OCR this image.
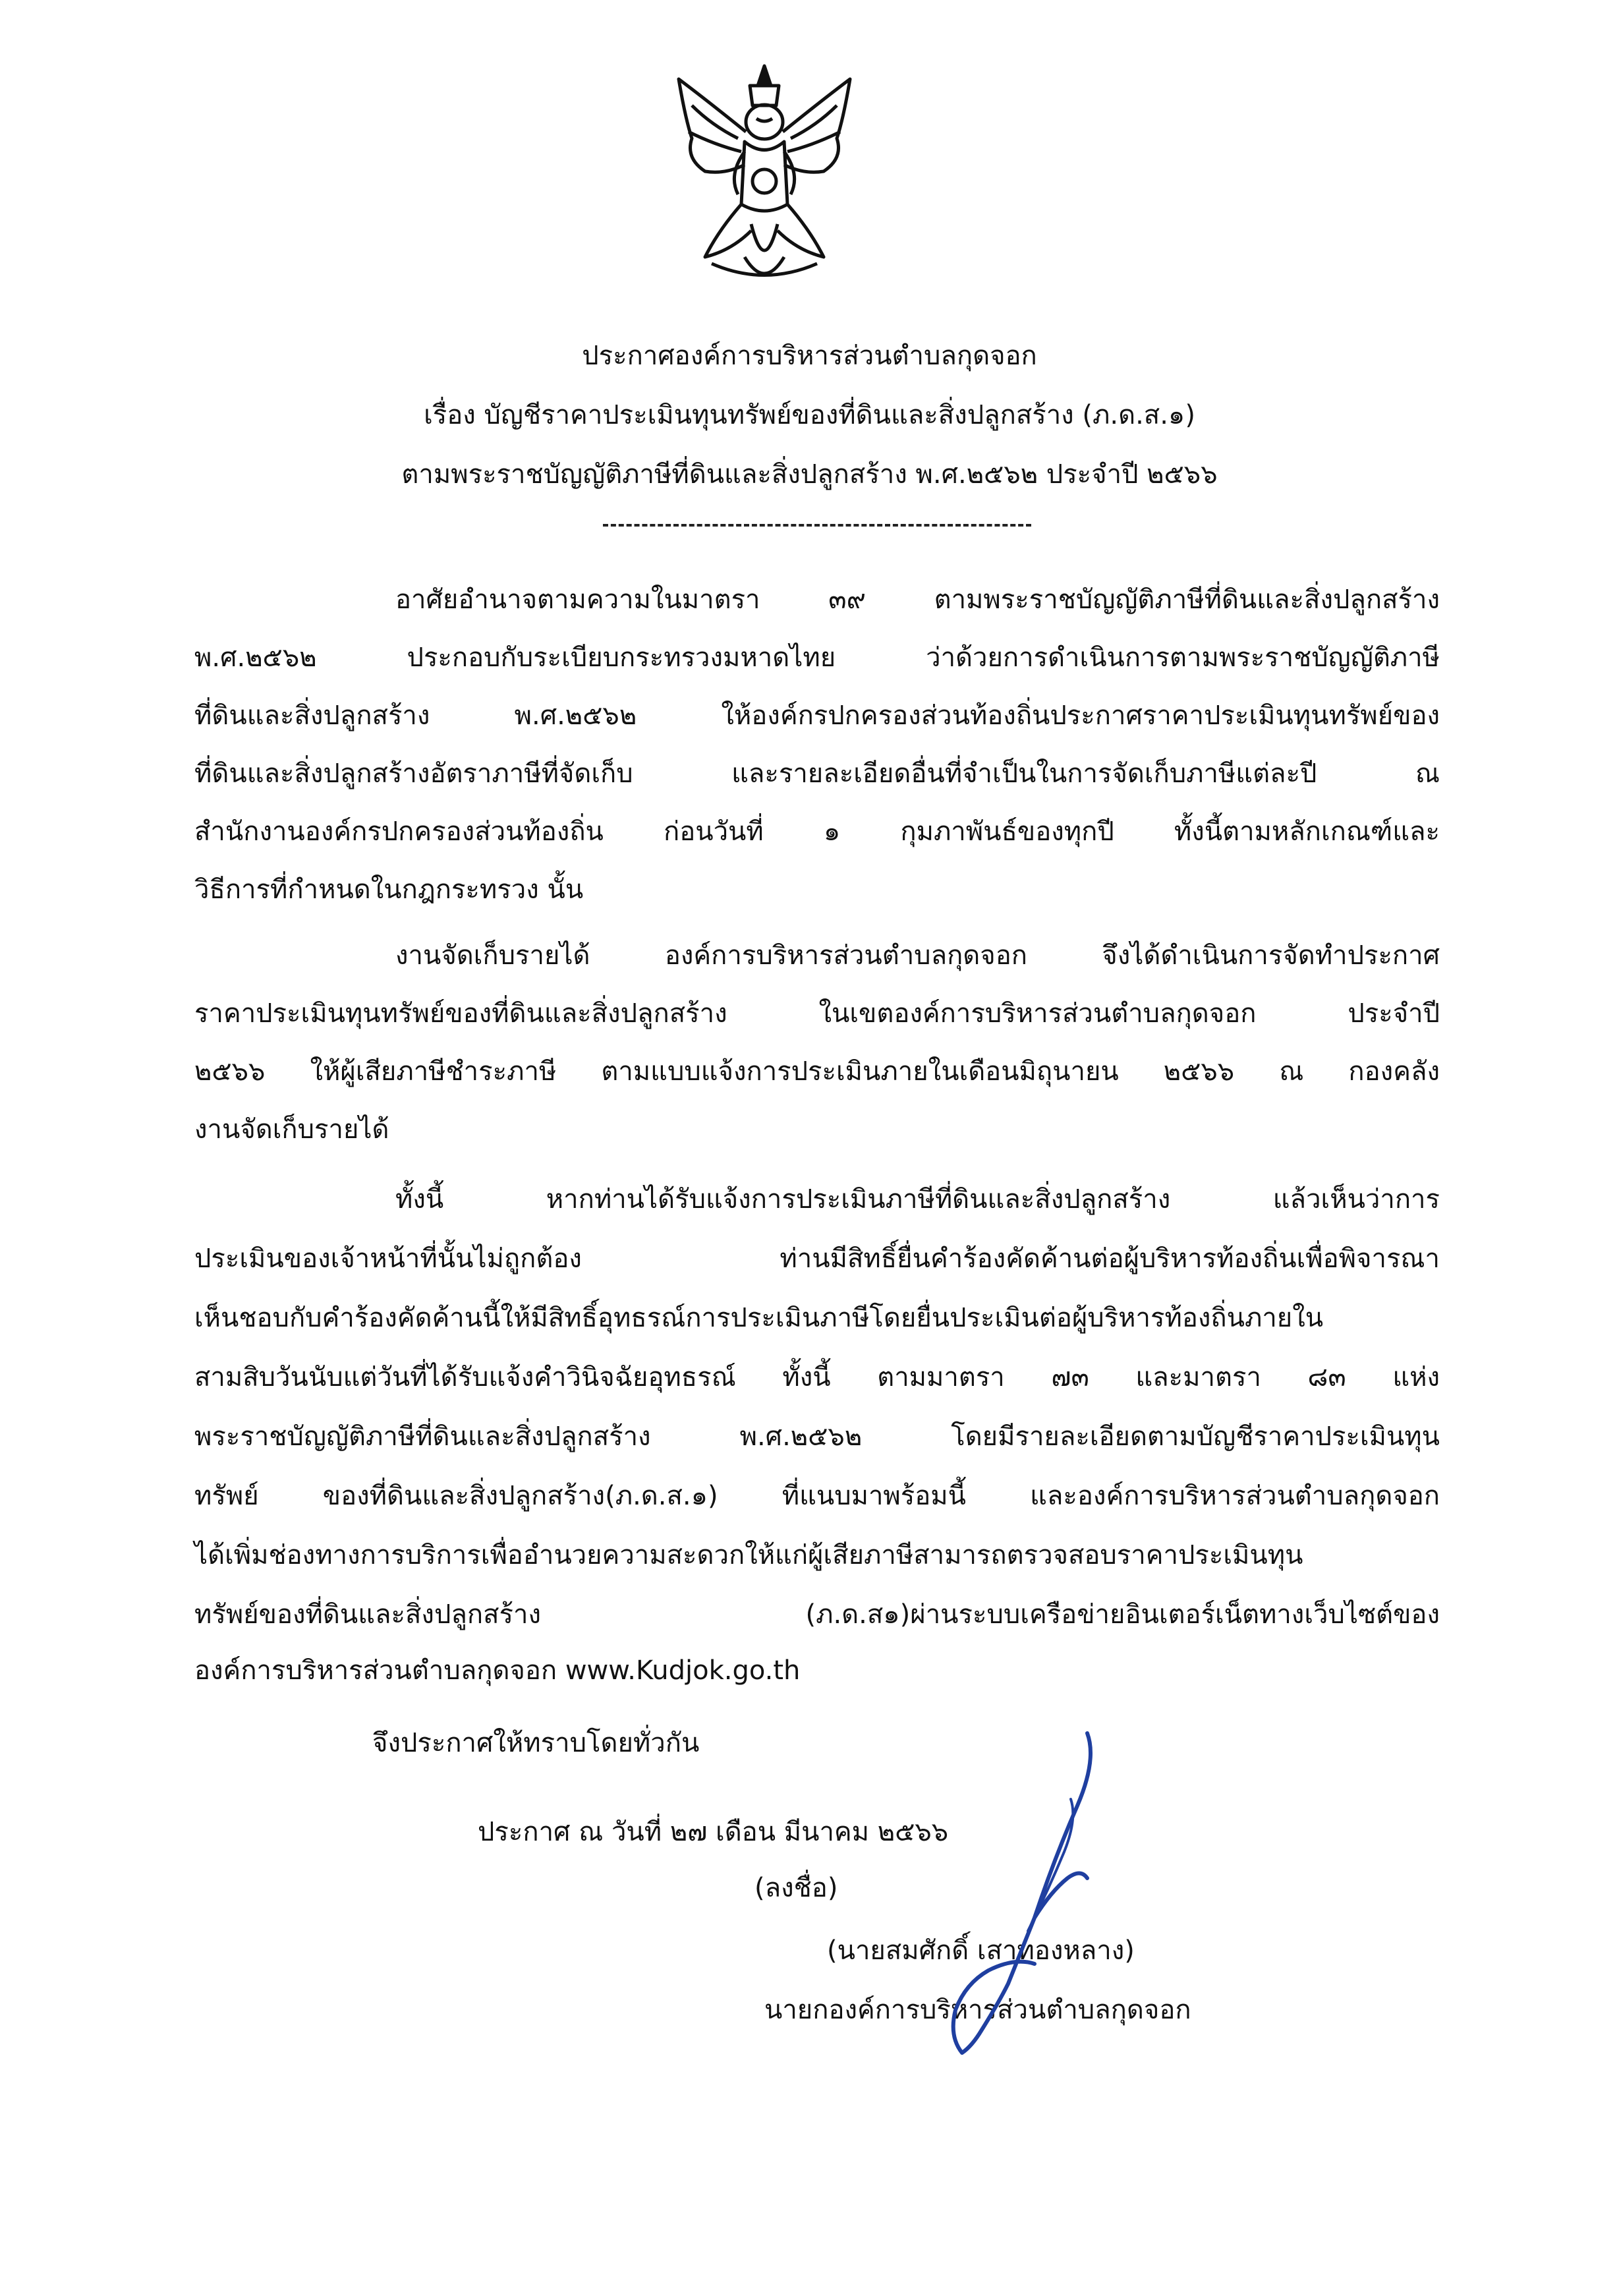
ประกาศองค์การบริหารส่วนตำบลกุดจอก
เรื่อง บัญชีราคาประเมินทุนทรัพย์ของที่ดินและสิ่งปลูกสร้าง (ภ.ด.ส.๑)
ตามพระราชบัญญัติภาษีที่ดินและสิ่งปลูกสร้าง พ.ศ.๒๕๖๒ ประจำปี ๒๕๖๖
อาศัยอำนาจตามความในมาตรา ๓๙ ตามพระราชบัญญัติภาษีที่ดินและสิ่งปลูกสร้าง
พ.ศ.๒๕๖๒ ประกอบกับระเบียบกระทรวงมหาดไทย ว่าด้วยการดำเนินการตามพระราชบัญญัติภาษี
ที่ดินและสิ่งปลูกสร้าง พ.ศ.๒๕๖๒ ให้องค์กรปกครองส่วนท้องถิ่นประกาศราคาประเมินทุนทรัพย์ของ
ที่ดินและสิ่งปลูกสร้างอัตราภาษีที่จัดเก็บ และรายละเอียดอื่นที่จำเป็นในการจัดเก็บภาษีแต่ละปี ณ
สำนักงานองค์กรปกครองส่วนท้องถิ่น ก่อนวันที่ ๑ กุมภาพันธ์ของทุกปี ทั้งนี้ตามหลักเกณฑ์และ
วิธีการที่กำหนดในกฎกระทรวง นั้น
งานจัดเก็บรายได้ องค์การบริหารส่วนตำบลกุดจอก จึงได้ดำเนินการจัดทำประกาศ
ราคาประเมินทุนทรัพย์ของที่ดินและสิ่งปลูกสร้าง ในเขตองค์การบริหารส่วนตำบลกุดจอก ประจำปี
๒๕๖๖ ให้ผู้เสียภาษีชำระภาษี ตามแบบแจ้งการประเมินภายในเดือนมิถุนายน ๒๕๖๖ ณ กองคลัง
งานจัดเก็บรายได้
ทั้งนี้ หากท่านได้รับแจ้งการประเมินภาษีที่ดินและสิ่งปลูกสร้าง แล้วเห็นว่าการ
ประเมินของเจ้าหน้าที่นั้นไม่ถูกต้อง ท่านมีสิทธิ์ยื่นคำร้องคัดค้านต่อผู้บริหารท้องถิ่นเพื่อพิจารณา
เห็นชอบกับคำร้องคัดค้านนี้ให้มีสิทธิ์อุทธรณ์การประเมินภาษีโดยยื่นประเมินต่อผู้บริหารท้องถิ่นภายใน
สามสิบวันนับแต่วันที่ได้รับแจ้งคำวินิจฉัยอุทธรณ์ ทั้งนี้ ตามมาตรา ๗๓ และมาตรา ๘๓ แห่ง
พระราชบัญญัติภาษีที่ดินและสิ่งปลูกสร้าง พ.ศ.๒๕๖๒ โดยมีรายละเอียดตามบัญชีราคาประเมินทุน
ทรัพย์ ของที่ดินและสิ่งปลูกสร้าง(ภ.ด.ส.๑) ที่แนบมาพร้อมนี้ และองค์การบริหารส่วนตำบลกุดจอก
ได้เพิ่มช่องทางการบริการเพื่ออำนวยความสะดวกให้แก่ผู้เสียภาษีสามารถตรวจสอบราคาประเมินทุน
ทรัพย์ของที่ดินและสิ่งปลูกสร้าง (ภ.ด.ส๑)ผ่านระบบเครือข่ายอินเตอร์เน็ตทางเว็บไซต์ของ
องค์การบริหารส่วนตำบลกุดจอก www.Kudjok.go.th
จึงประกาศให้ทราบโดยทั่วกัน
ประกาศ ณ วันที่ ๒๗ เดือน มีนาคม ๒๕๖๖
(ลงชื่อ)
(นายสมศักดิ์ เสาทองหลาง)
นายกองค์การบริหารส่วนตำบลกุดจอก
